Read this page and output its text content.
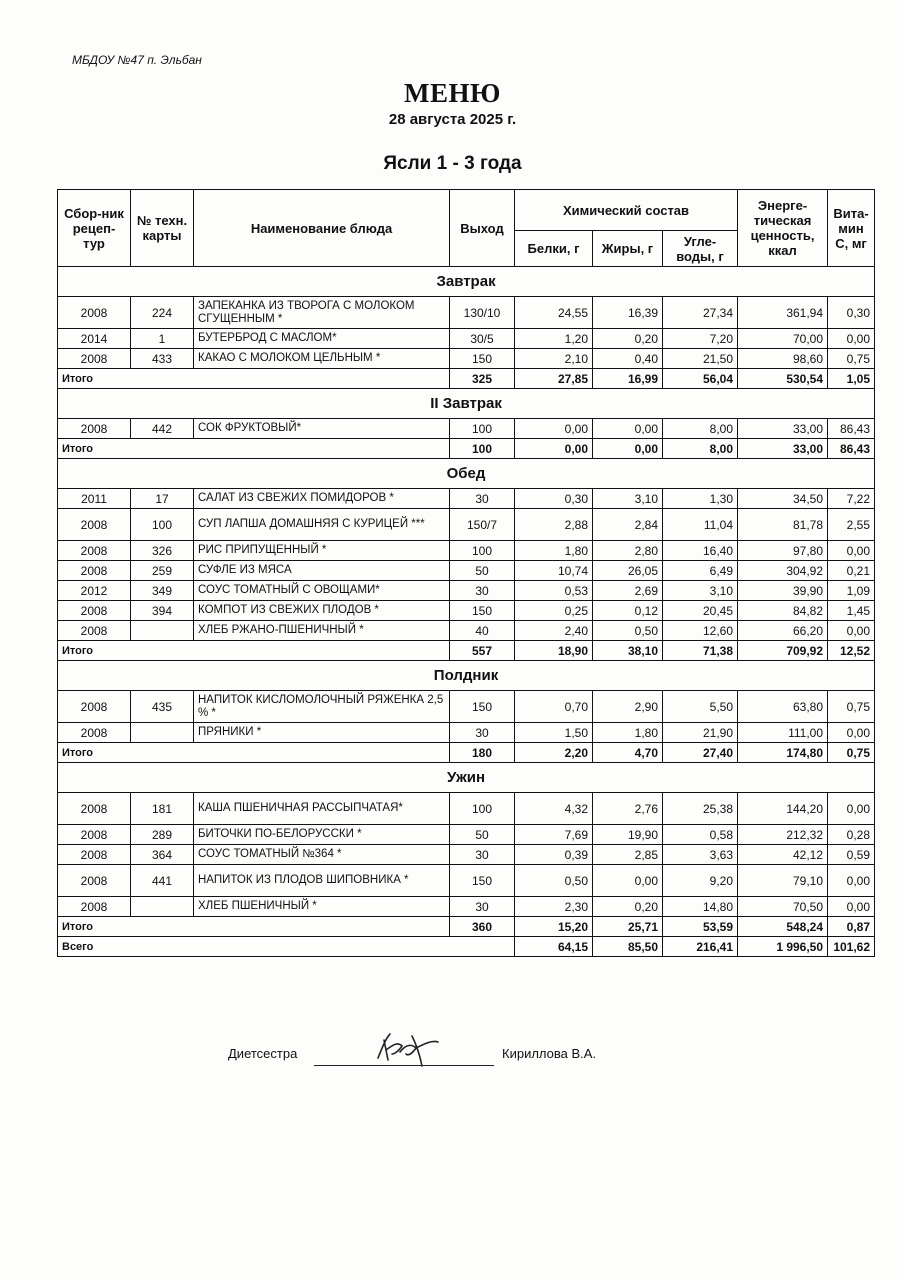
МБДОУ №47 п. Эльбан
МЕНЮ
28 августа 2025 г.
Ясли 1 - 3 года
Сбор-ник рецеп-тур	№ техн. карты	Наименование блюда	Выход	Химический состав			Энерге-тическая ценность, ккал	Вита-мин С, мг
				Белки, г	Жиры, г	Угле-воды, г		
Завтрак								
2008	224	ЗАПЕКАНКА ИЗ ТВОРОГА С МОЛОКОМ СГУЩЕННЫМ *	130/10	24,55	16,39	27,34	361,94	0,30
2014	1	БУТЕРБРОД С МАСЛОМ*	30/5	1,20	0,20	7,20	70,00	0,00
2008	433	КАКАО С МОЛОКОМ ЦЕЛЬНЫМ *	150	2,10	0,40	21,50	98,60	0,75
Итого			325	27,85	16,99	56,04	530,54	1,05
II Завтрак								
2008	442	СОК ФРУКТОВЫЙ*	100	0,00	0,00	8,00	33,00	86,43
Итого			100	0,00	0,00	8,00	33,00	86,43
Обед								
2011	17	САЛАТ ИЗ СВЕЖИХ ПОМИДОРОВ *	30	0,30	3,10	1,30	34,50	7,22
2008	100	СУП ЛАПША ДОМАШНЯЯ С КУРИЦЕЙ ***	150/7	2,88	2,84	11,04	81,78	2,55
2008	326	РИС ПРИПУЩЕННЫЙ *	100	1,80	2,80	16,40	97,80	0,00
2008	259	СУФЛЕ ИЗ МЯСА	50	10,74	26,05	6,49	304,92	0,21
2012	349	СОУС ТОМАТНЫЙ С ОВОЩАМИ*	30	0,53	2,69	3,10	39,90	1,09
2008	394	КОМПОТ ИЗ СВЕЖИХ ПЛОДОВ *	150	0,25	0,12	20,45	84,82	1,45
2008		ХЛЕБ РЖАНО-ПШЕНИЧНЫЙ *	40	2,40	0,50	12,60	66,20	0,00
Итого			557	18,90	38,10	71,38	709,92	12,52
Полдник								
2008	435	НАПИТОК КИСЛОМОЛОЧНЫЙ РЯЖЕНКА 2,5 % *	150	0,70	2,90	5,50	63,80	0,75
2008		ПРЯНИКИ *	30	1,50	1,80	21,90	111,00	0,00
Итого			180	2,20	4,70	27,40	174,80	0,75
Ужин								
2008	181	КАША ПШЕНИЧНАЯ РАССЫПЧАТАЯ*	100	4,32	2,76	25,38	144,20	0,00
2008	289	БИТОЧКИ ПО-БЕЛОРУССКИ *	50	7,69	19,90	0,58	212,32	0,28
2008	364	СОУС ТОМАТНЫЙ №364 *	30	0,39	2,85	3,63	42,12	0,59
2008	441	НАПИТОК ИЗ ПЛОДОВ ШИПОВНИКА *	150	0,50	0,00	9,20	79,10	0,00
2008		ХЛЕБ ПШЕНИЧНЫЙ *	30	2,30	0,20	14,80	70,50	0,00
Итого			360	15,20	25,71	53,59	548,24	0,87
Всего				64,15	85,50	216,41	1 996,50	101,62
Диетсестра	Кириллова В.А.
